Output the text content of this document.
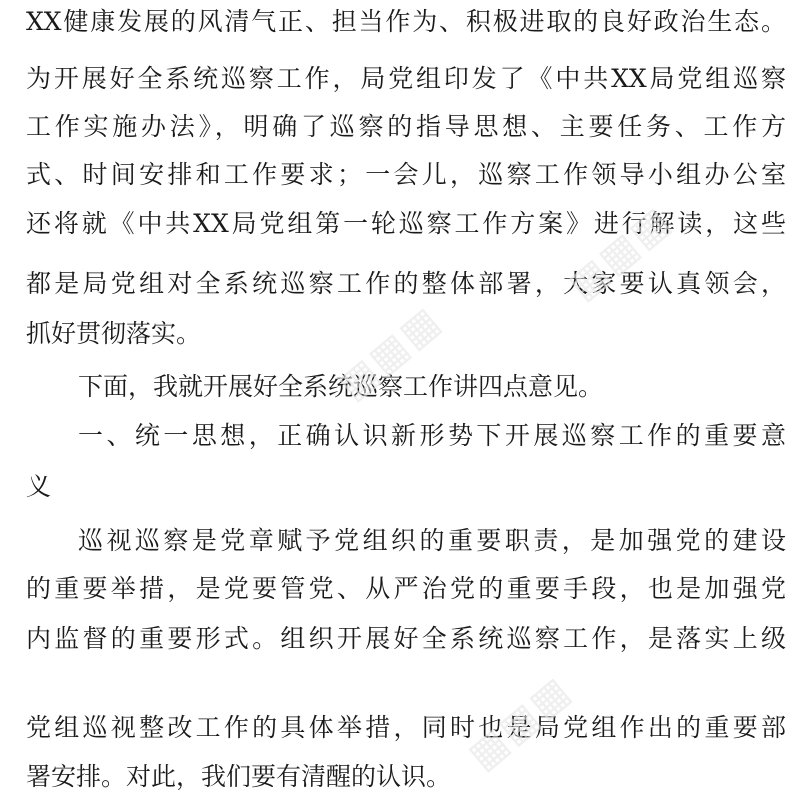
XX健康发展的风清气正、担当作为、积极进取的良好政治生态。
为开展好全系统巡察工作，局党组印发了《中共XX局党组巡察
工作实施办法》，明确了巡察的指导思想、主要任务、工作方
式、时间安排和工作要求；一会儿，巡察工作领导小组办公室
还将就《中共XX局党组第一轮巡察工作方案》进行解读，这些
都是局党组对全系统巡察工作的整体部署，大家要认真领会，
抓好贯彻落实。
下面，我就开展好全系统巡察工作讲四点意见。
一、统一思想，正确认识新形势下开展巡察工作的重要意
义
巡视巡察是党章赋予党组织的重要职责，是加强党的建设
的重要举措，是党要管党、从严治党的重要手段，也是加强党
内监督的重要形式。组织开展好全系统巡察工作，是落实上级
党组巡视整改工作的具体举措，同时也是局党组作出的重要部
署安排。对此，我们要有清醒的认识。
▦▦▦
▦▦▦
▦▦▦
